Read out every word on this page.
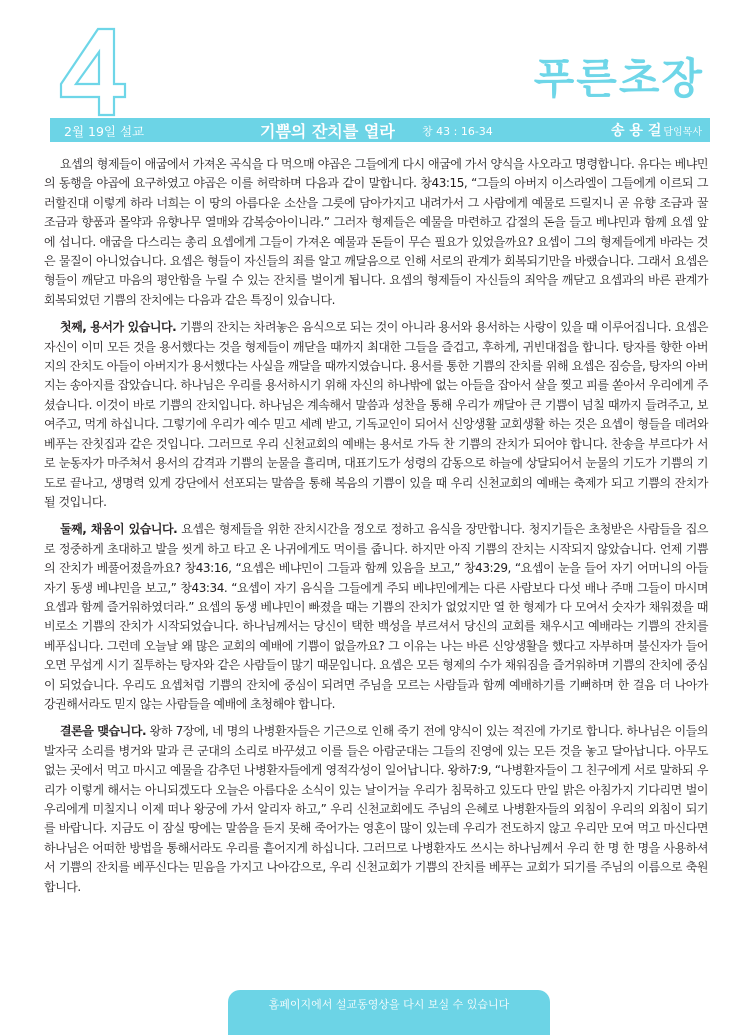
4	푸른초장
2월 19일 설교	기쁨의 잔치를 열라 창 43 : 16-34	송 용 걸 담임목사

요셉의 형제들이 애굽에서 가져온 곡식을 다 먹으매 야곱은 그들에게 다시 애굽에 가서 양식을 사오라고 명령합니다. 유다는 베냐민의 동행을 야곱에 요구하였고 야곱은 이를 허락하며 다음과 같이 말합니다. 창43:15, “그들의 아버지 이스라엘이 그들에게 이르되 그러할진대 이렇게 하라 너희는 이 땅의 아름다운 소산을 그릇에 담아가지고 내려가서 그 사람에게 예물로 드릴지니 곧 유향 조금과 꿀 조금과 향품과 몰약과 유향나무 열매와 감복숭아이니라.” 그러자 형제들은 예물을 마련하고 갑절의 돈을 들고 베냐민과 함께 요셉 앞에 섭니다. 애굽을 다스리는 총리 요셉에게 그들이 가져온 예물과 돈들이 무슨 필요가 있었을까요? 요셉이 그의 형제들에게 바라는 것은 물질이 아니었습니다. 요셉은 형들이 자신들의 죄를 알고 깨달음으로 인해 서로의 관계가 회복되기만을 바랬습니다. 그래서 요셉은 형들이 깨닫고 마음의 평안함을 누릴 수 있는 잔치를 벌이게 됩니다. 요셉의 형제들이 자신들의 죄악을 깨닫고 요셉과의 바른 관계가 회복되었던 기쁨의 잔치에는 다음과 같은 특징이 있습니다.

첫째, 용서가 있습니다. 기쁨의 잔치는 차려놓은 음식으로 되는 것이 아니라 용서와 용서하는 사랑이 있을 때 이루어집니다. 요셉은 자신이 이미 모든 것을 용서했다는 것을 형제들이 깨닫을 때까지 최대한 그들을 즐겁고, 후하게, 귀빈대접을 합니다. 탕자를 향한 아버지의 잔치도 아들이 아버지가 용서했다는 사실을 깨달을 때까지였습니다. 용서를 통한 기쁨의 잔치를 위해 요셉은 짐승을, 탕자의 아버지는 송아지를 잡았습니다. 하나님은 우리를 용서하시기 위해 자신의 하나밖에 없는 아들을 잡아서 살을 찢고 피를 쏟아서 우리에게 주셨습니다. 이것이 바로 기쁨의 잔치입니다. 하나님은 계속해서 말씀과 성찬을 통해 우리가 깨달아 큰 기쁨이 넘칠 때까지 들려주고, 보여주고, 먹게 하십니다. 그렇기에 우리가 예수 믿고 세례 받고, 기독교인이 되어서 신앙생활 교회생활 하는 것은 요셉이 형들을 데려와 베푸는 잔칫집과 같은 것입니다. 그러므로 우리 신천교회의 예배는 용서로 가득 찬 기쁨의 잔치가 되어야 합니다. 찬송을 부르다가 서로 눈동자가 마주쳐서 용서의 감격과 기쁨의 눈물을 흘리며, 대표기도가 성령의 감동으로 하늘에 상달되어서 눈물의 기도가 기쁨의 기도로 끝나고, 생명력 있게 강단에서 선포되는 말씀을 통해 복음의 기쁨이 있을 때 우리 신천교회의 예배는 축제가 되고 기쁨의 잔치가 될 것입니다.

둘째, 채움이 있습니다. 요셉은 형제들을 위한 잔치시간을 정오로 정하고 음식을 장만합니다. 청지기들은 초청받은 사람들을 집으로 정중하게 초대하고 발을 씻게 하고 타고 온 나귀에게도 먹이를 줍니다. 하지만 아직 기쁨의 잔치는 시작되지 않았습니다. 언제 기쁨의 잔치가 베풀어졌을까요? 창43:16, “요셉은 베냐민이 그들과 함께 있음을 보고,” 창43:29, “요셉이 눈을 들어 자기 어머니의 아들 자기 동생 베냐민을 보고,” 창43:34. “요셉이 자기 음식을 그들에게 주되 베냐민에게는 다른 사람보다 다섯 배나 주매 그들이 마시며 요셉과 함께 즐거워하였더라.” 요셉의 동생 베냐민이 빠졌을 때는 기쁨의 잔치가 없었지만 열 한 형제가 다 모여서 숫자가 채워졌을 때 비로소 기쁨의 잔치가 시작되었습니다. 하나님께서는 당신이 택한 백성을 부르셔서 당신의 교회를 채우시고 예배라는 기쁨의 잔치를 베푸십니다. 그런데 오늘날 왜 많은 교회의 예배에 기쁨이 없을까요? 그 이유는 나는 바른 신앙생활을 했다고 자부하며 불신자가 들어오면 무섭게 시기 질투하는 탕자와 같은 사람들이 많기 때문입니다. 요셉은 모든 형제의 수가 채워짐을 즐거워하며 기쁨의 잔치에 중심이 되었습니다. 우리도 요셉처럼 기쁨의 잔치에 중심이 되려면 주님을 모르는 사람들과 함께 예배하기를 기뻐하며 한 걸음 더 나아가 강권해서라도 믿지 않는 사람들을 예배에 초청해야 합니다.

결론을 맺습니다. 왕하 7장에, 네 명의 나병환자들은 기근으로 인해 죽기 전에 양식이 있는 적진에 가기로 합니다. 하나님은 이들의 발자국 소리를 병거와 말과 큰 군대의 소리로 바꾸셨고 이를 들은 아람군대는 그들의 진영에 있는 모든 것을 놓고 달아납니다. 아무도 없는 곳에서 먹고 마시고 예물을 감추던 나병환자들에게 영적각성이 일어납니다. 왕하7:9, “나병환자들이 그 친구에게 서로 말하되 우리가 이렇게 해서는 아니되겠도다 오늘은 아름다운 소식이 있는 날이거늘 우리가 침묵하고 있도다 만일 밝은 아침가지 기다리면 벌이 우리에게 미칠지니 이제 떠나 왕궁에 가서 알리자 하고,” 우리 신천교회에도 주님의 은혜로 나병환자들의 외침이 우리의 외침이 되기를 바랍니다. 지금도 이 잠실 땅에는 말씀을 듣지 못해 죽어가는 영혼이 많이 있는데 우리가 전도하지 않고 우리만 모여 먹고 마신다면 하나님은 어떠한 방법을 통해서라도 우리를 흩어지게 하십니다. 그러므로 나병환자도 쓰시는 하나님께서 우리 한 명 한 명을 사용하셔서 기쁨의 잔치를 베푸신다는 믿음을 가지고 나아감으로, 우리 신천교회가 기쁨의 잔치를 베푸는 교회가 되기를 주님의 이름으로 축원합니다.

홈페이지에서 설교동영상을 다시 보실 수 있습니다
